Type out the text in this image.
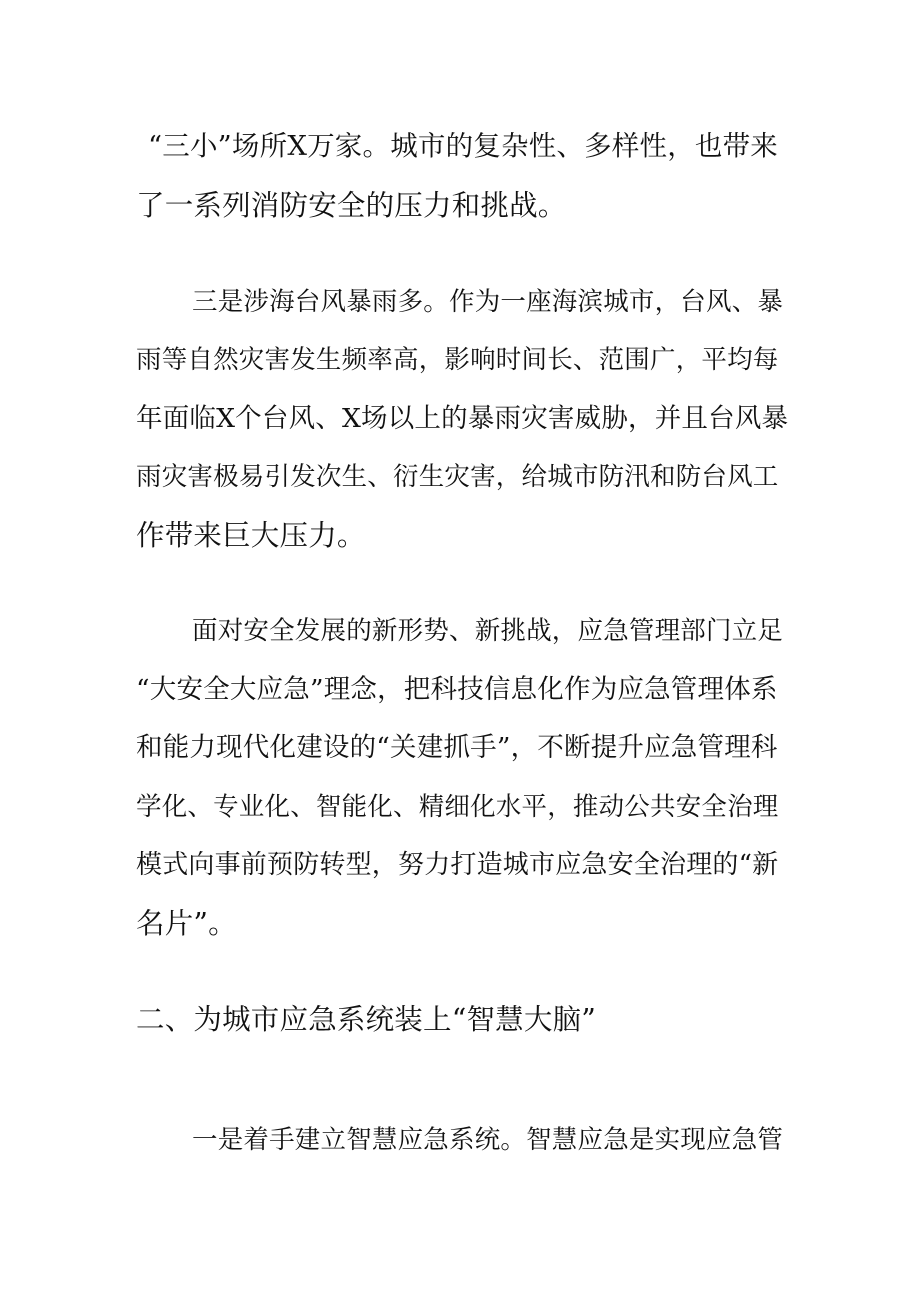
“三小”场所X万家。城市的复杂性、多样性，也带来
了一系列消防安全的压力和挑战。
三是涉海台风暴雨多。作为一座海滨城市，台风、暴
雨等自然灾害发生频率高，影响时间长、范围广，平均每
年面临X个台风、X场以上的暴雨灾害威胁，并且台风暴
雨灾害极易引发次生、衍生灾害，给城市防汛和防台风工
作带来巨大压力。
面对安全发展的新形势、新挑战，应急管理部门立足
“大安全大应急”理念，把科技信息化作为应急管理体系
和能力现代化建设的“关建抓手”，不断提升应急管理科
学化、专业化、智能化、精细化水平，推动公共安全治理
模式向事前预防转型，努力打造城市应急安全治理的“新
名片”。
二、为城市应急系统装上“智慧大脑”
一是着手建立智慧应急系统。智慧应急是实现应急管
